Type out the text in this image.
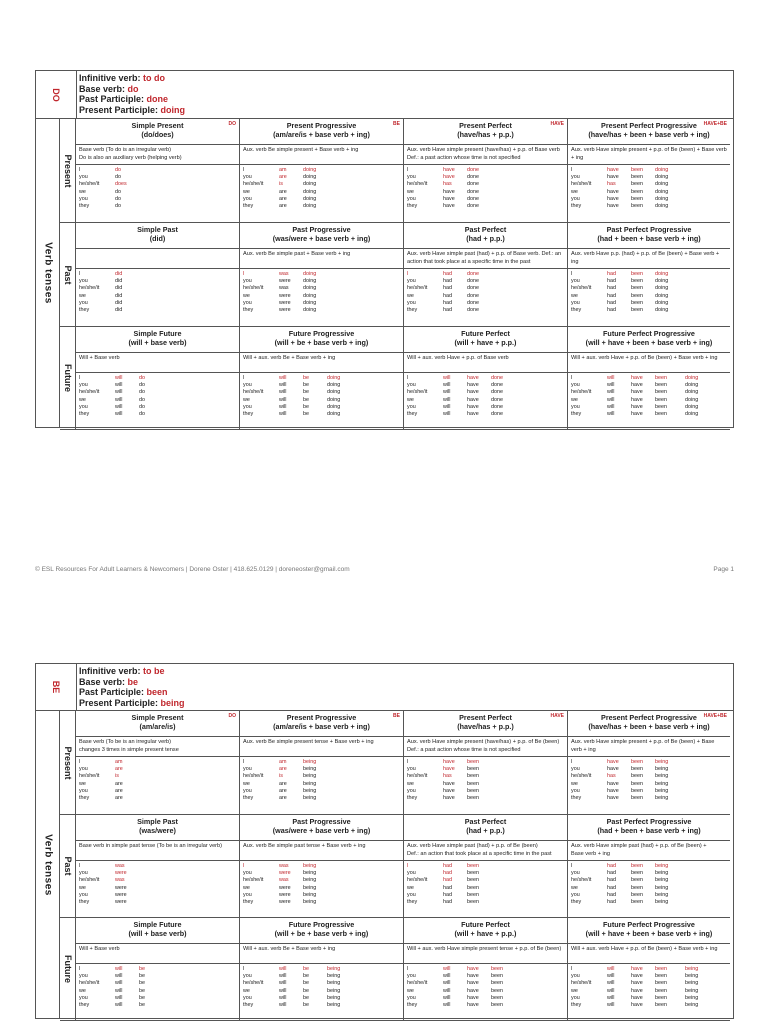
DO
Infinitive verb: to do
Base verb: do
Past Participle: done
Present Participle: doing
Verb tenses
Present
Simple Present
(do/does)
DO
Base verb (To do is an irregular verb)
Do is also an auxiliary verb (helping verb)
I	do
you	do
he/she/it	does
we	do
you	do
they	do
Present Progressive
(am/are/is + base verb + ing)
BE
Aux. verb Be simple present + Base verb + ing
I	am	doing
you	are	doing
he/she/it	is	doing
we	are	doing
you	are	doing
they	are	doing
Present Perfect
(have/has + p.p.)
HAVE
Aux. verb Have simple present (have/has) + p.p. of Base verb
Def.: a past action whose time is not specified
I	have	done
you	have	done
he/she/it	has	done
we	have	done
you	have	done
they	have	done
Present Perfect Progressive
(have/has + been + base verb + ing)
HAVE+BE
Aux. verb Have simple present + p.p. of Be (been) + Base verb
+ ing
I	have	been	doing
you	have	been	doing
he/she/it	has	been	doing
we	have	been	doing
you	have	been	doing
they	have	been	doing
Past
Simple Past
(did)
I	did
you	did
he/she/it	did
we	did
you	did
they	did
Past Progressive
(was/were + base verb + ing)
Aux. verb Be simple past + Base verb + ing
I	was	doing
you	were	doing
he/she/it	was	doing
we	were	doing
you	were	doing
they	were	doing
Past Perfect
(had + p.p.)
Aux. verb Have simple past (had) + p.p. of Base verb. Def.: an
action that took place at a specific time in the past
I	had	done
you	had	done
he/she/it	had	done
we	had	done
you	had	done
they	had	done
Past Perfect Progressive
(had + been + base verb + ing)
Aux. verb Have p.p. (had) + p.p. of Be (been) + Base verb +
ing
I	had	been	doing
you	had	been	doing
he/she/it	had	been	doing
we	had	been	doing
you	had	been	doing
they	had	been	doing
Future
Simple Future
(will + base verb)
Will + Base verb
I	will	do
you	will	do
he/she/it	will	do
we	will	do
you	will	do
they	will	do
Future Progressive
(will + be + base verb + ing)
Will + aux. verb Be + Base verb + ing
I	will	be	doing
you	will	be	doing
he/she/it	will	be	doing
we	will	be	doing
you	will	be	doing
they	will	be	doing
Future Perfect
(will + have + p.p.)
Will + aux. verb Have + p.p. of Base verb
I	will	have	done
you	will	have	done
he/she/it	will	have	done
we	will	have	done
you	will	have	done
they	will	have	done
Future Perfect Progressive
(will + have + been + base verb + ing)
Will + aux. verb Have + p.p. of Be (been) + Base verb + ing
I	will	have	been	doing
you	will	have	been	doing
he/she/it	will	have	been	doing
we	will	have	been	doing
you	will	have	been	doing
they	will	have	been	doing
BE
Infinitive verb: to be
Base verb: be
Past Participle: been
Present Participle: being
Verb tenses
Present
Simple Present
(am/are/is)
DO
Base verb (To be is an irregular verb)
changes 3 times in simple present tense
I	am
you	are
he/she/it	is
we	are
you	are
they	are
Present Progressive
(am/are/is + base verb + ing)
BE
Aux. verb Be simple present tense + Base verb + ing
I	am	being
you	are	being
he/she/it	is	being
we	are	being
you	are	being
they	are	being
Present Perfect
(have/has + p.p.)
HAVE
Aux. verb Have simple present (have/has) + p.p. of Be (been)
Def.: a past action whose time is not specified
I	have	been
you	have	been
he/she/it	has	been
we	have	been
you	have	been
they	have	been
Present Perfect Progressive
(have/has + been + base verb + ing)
HAVE+BE
Aux. verb Have simple present + p.p. of Be (been) + Base
verb + ing
I	have	been	being
you	have	been	being
he/she/it	has	been	being
we	have	been	being
you	have	been	being
they	have	been	being
Past
Simple Past
(was/were)
Base verb in simple past tense (To be is an irregular verb)
I	was
you	were
he/she/it	was
we	were
you	were
they	were
Past Progressive
(was/were + base verb + ing)
Aux. verb Be simple past tense + Base verb + ing
I	was	being
you	were	being
he/she/it	was	being
we	were	being
you	were	being
they	were	being
Past Perfect
(had + p.p.)
Aux. verb Have simple past (had) + p.p. of Be (been)
Def.: an action that took place at a specific time in the past
I	had	been
you	had	been
he/she/it	had	been
we	had	been
you	had	been
they	had	been
Past Perfect Progressive
(had + been + base verb + ing)
Aux. verb Have simple past (had) + p.p. of Be (been) +
Base verb + ing
I	had	been	being
you	had	been	being
he/she/it	had	been	being
we	had	been	being
you	had	been	being
they	had	been	being
Future
Simple Future
(will + base verb)
Will + Base verb
I	will	be
you	will	be
he/she/it	will	be
we	will	be
you	will	be
they	will	be
Future Progressive
(will + be + base verb + ing)
Will + aux. verb Be + Base verb + ing
I	will	be	being
you	will	be	being
he/she/it	will	be	being
we	will	be	being
you	will	be	being
they	will	be	being
Future Perfect
(will + have + p.p.)
Will + aux. verb Have simple present tense + p.p. of Be (been)
I	will	have	been
you	will	have	been
he/she/it	will	have	been
we	will	have	been
you	will	have	been
they	will	have	been
Future Perfect Progressive
(will + have + been + base verb + ing)
Will + aux. verb Have + p.p. of Be (been) + Base verb + ing
I	will	have	been	being
you	will	have	been	being
he/she/it	will	have	been	being
we	will	have	been	being
you	will	have	been	being
they	will	have	been	being
© ESL Resources For Adult Learners & Newcomers | Dorene Oster | 418.625.0129 | doreneoster@gmail.com	Page 1
